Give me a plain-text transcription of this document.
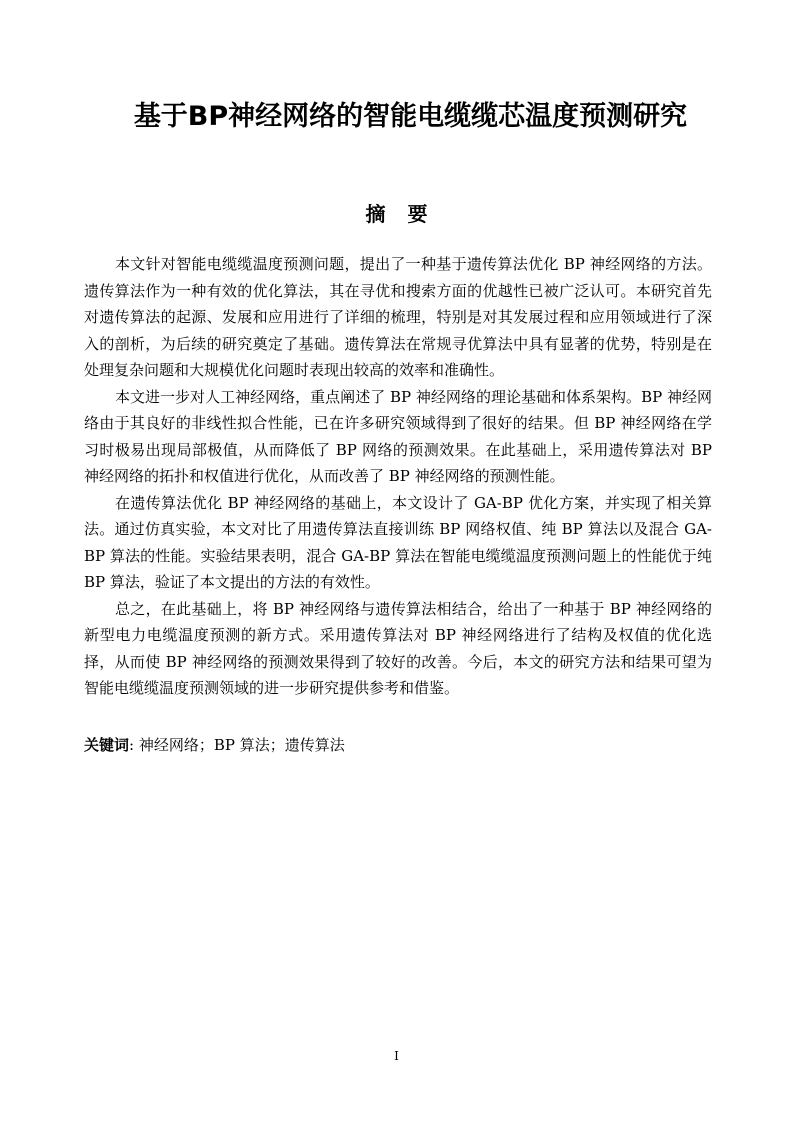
基于BP神经网络的智能电缆缆芯温度预测研究
摘要

本文针对智能电缆缆温度预测问题，提出了一种基于遗传算法优化 BP 神经网络的方法。遗传算法作为一种有效的优化算法，其在寻优和搜索方面的优越性已被广泛认可。本研究首先对遗传算法的起源、发展和应用进行了详细的梳理，特别是对其发展过程和应用领域进行了深入的剖析，为后续的研究奠定了基础。遗传算法在常规寻优算法中具有显著的优势，特别是在处理复杂问题和大规模优化问题时表现出较高的效率和准确性。

本文进一步对人工神经网络，重点阐述了 BP 神经网络的理论基础和体系架构。BP 神经网络由于其良好的非线性拟合性能，已在许多研究领域得到了很好的结果。但 BP 神经网络在学习时极易出现局部极值，从而降低了 BP 网络的预测效果。在此基础上，采用遗传算法对 BP 神经网络的拓扑和权值进行优化，从而改善了 BP 神经网络的预测性能。

在遗传算法优化 BP 神经网络的基础上，本文设计了 GA-BP 优化方案，并实现了相关算法。通过仿真实验，本文对比了用遗传算法直接训练 BP 网络权值、纯 BP 算法以及混合 GA-BP 算法的性能。实验结果表明，混合 GA-BP 算法在智能电缆缆温度预测问题上的性能优于纯 BP 算法，验证了本文提出的方法的有效性。

总之，在此基础上，将 BP 神经网络与遗传算法相结合，给出了一种基于 BP 神经网络的新型电力电缆温度预测的新方式。采用遗传算法对 BP 神经网络进行了结构及权值的优化选择，从而使 BP 神经网络的预测效果得到了较好的改善。今后，本文的研究方法和结果可望为智能电缆缆温度预测领域的进一步研究提供参考和借鉴。

关键词: 神经网络；BP 算法；遗传算法
I
